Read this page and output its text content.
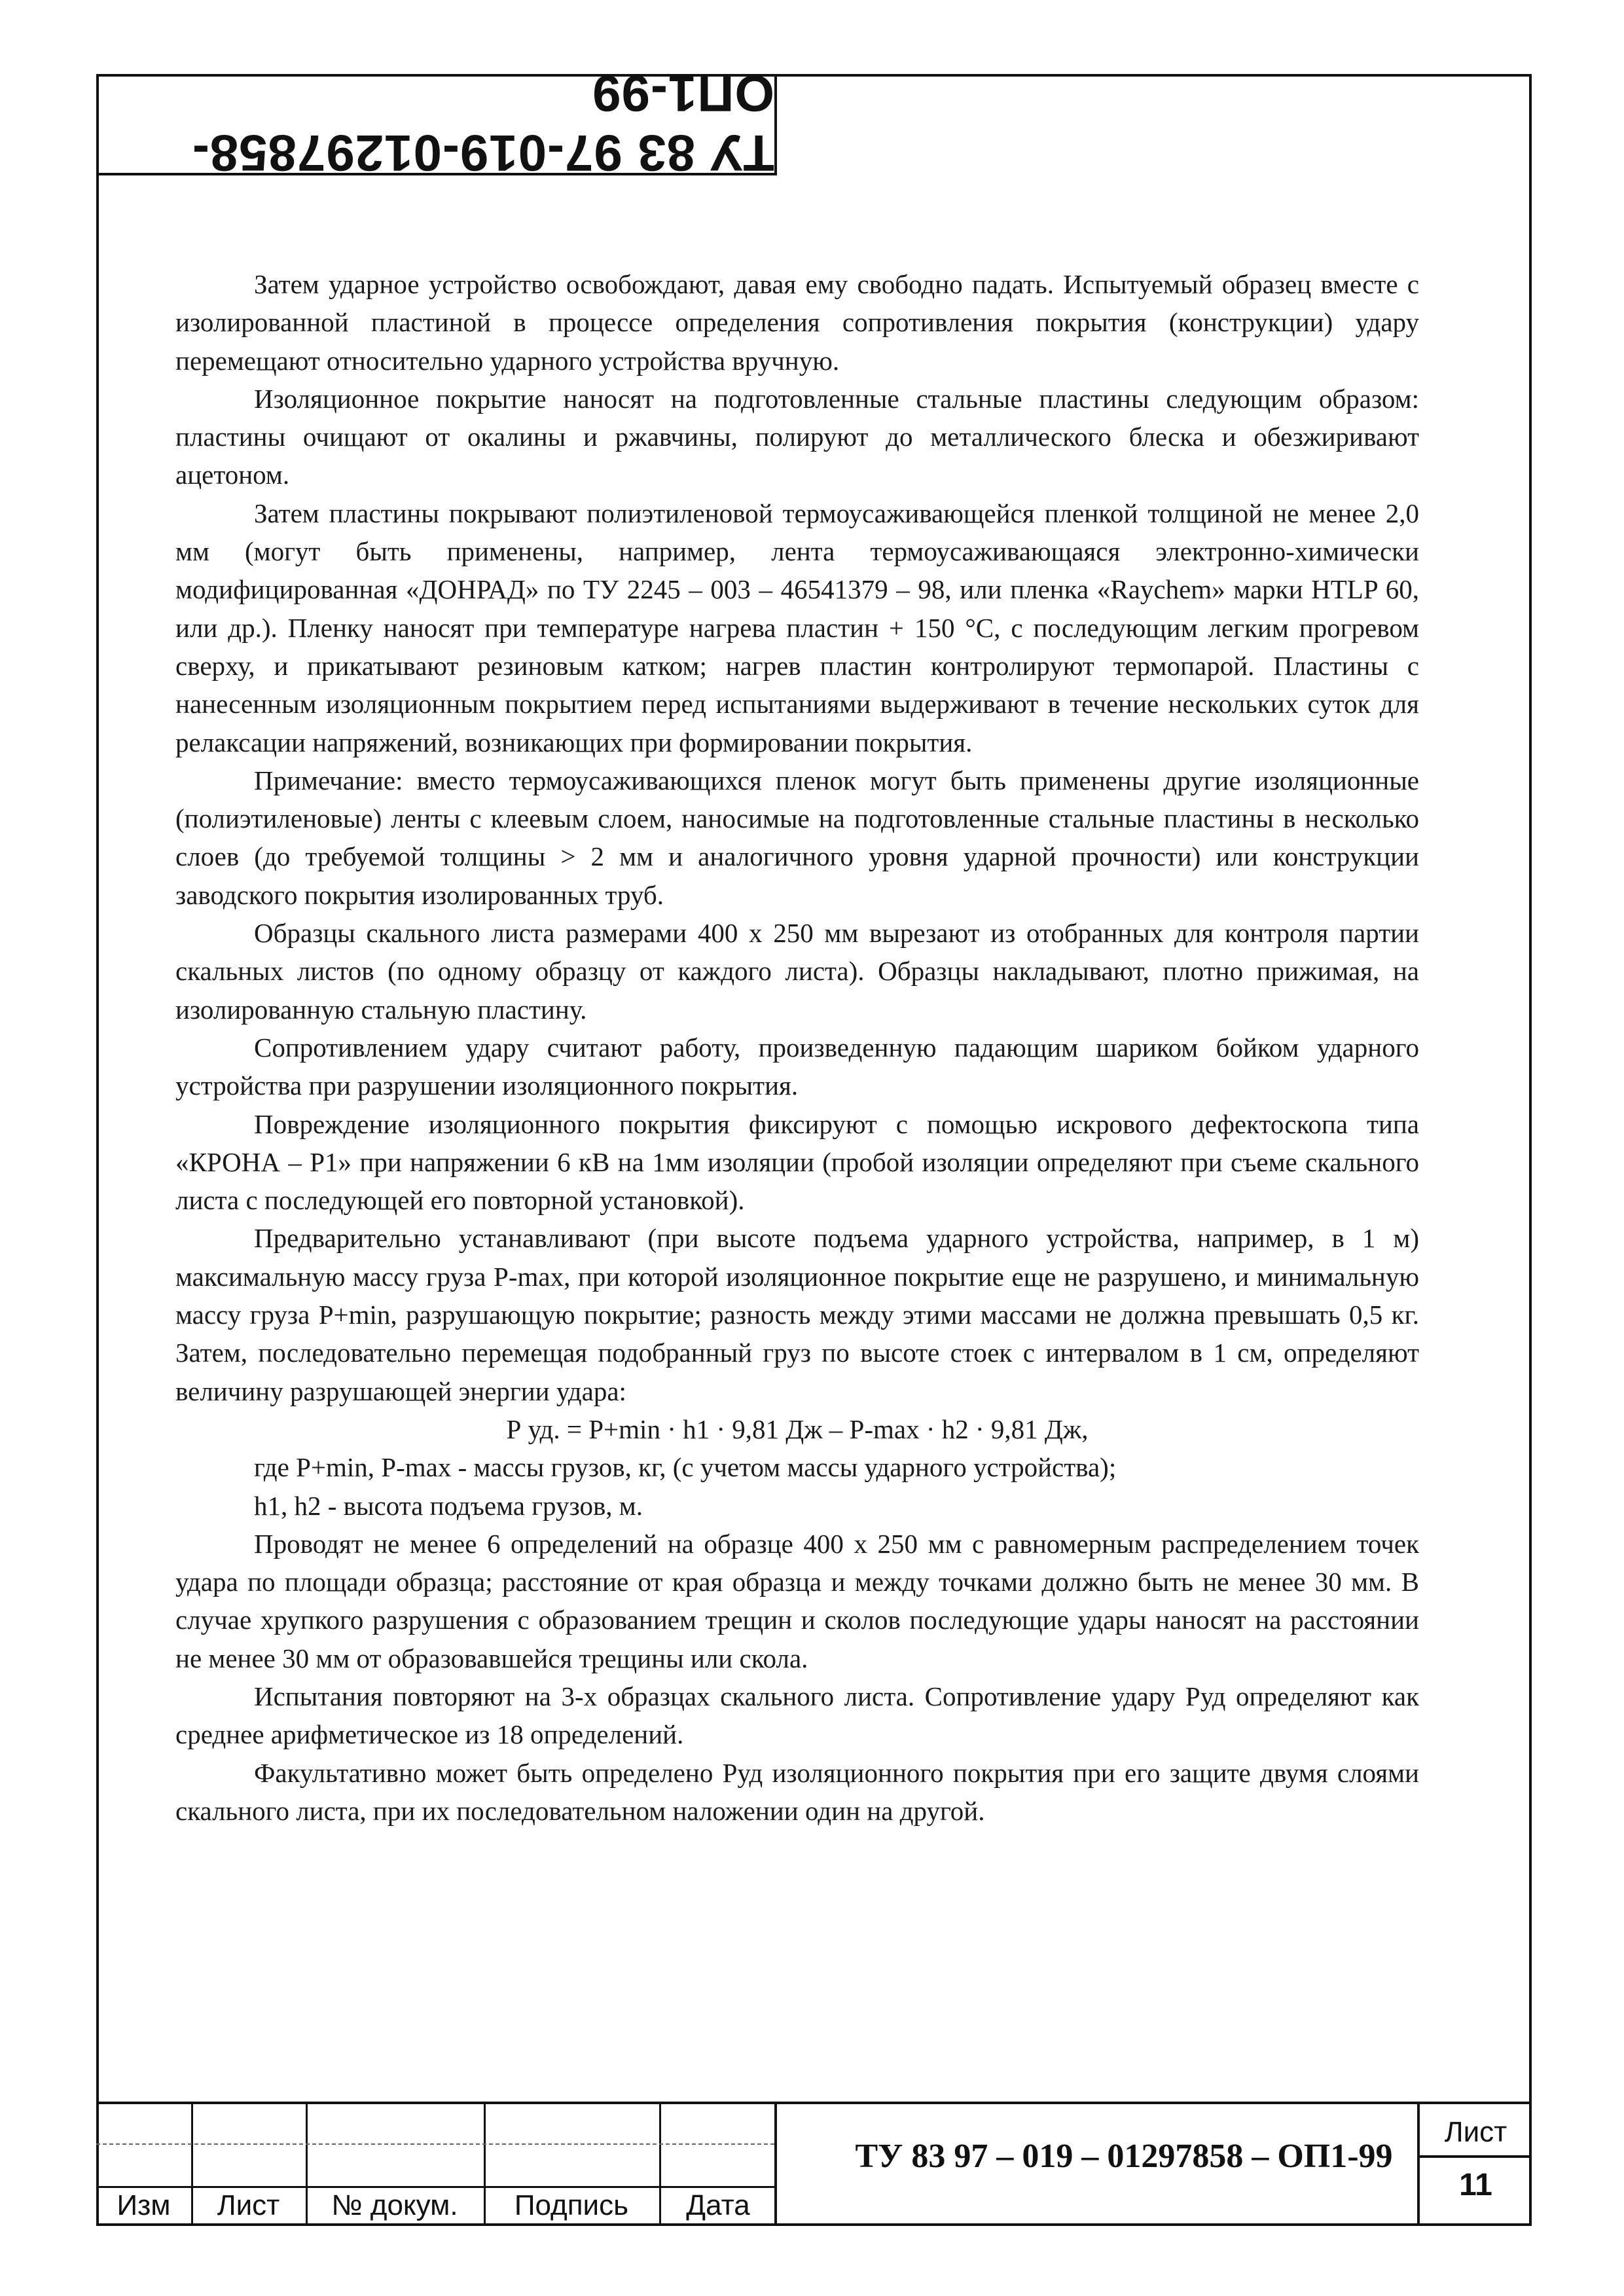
ТУ 83 97-019-01297858-ОП1-99

Затем ударное устройство освобождают, давая ему свободно падать. Испытуемый образец вместе с изолированной пластиной в процессе определения сопротивления покрытия (конструкции) удару перемещают относительно ударного устройства вручную.

Изоляционное покрытие наносят на подготовленные стальные пластины следующим образом: пластины очищают от окалины и ржавчины, полируют до металлического блеска и обезжиривают ацетоном.

Затем пластины покрывают полиэтиленовой термоусаживающейся пленкой толщиной не менее 2,0 мм (могут быть применены, например, лента термоусаживающаяся электронно-химически модифицированная «ДОНРАД» по ТУ 2245 – 003 – 46541379 – 98, или пленка «Raychem» марки HTLP 60, или др.). Пленку наносят при температуре нагрева пластин + 150 °С, с последующим легким прогревом сверху, и прикатывают резиновым катком; нагрев пластин контролируют термопарой. Пластины с нанесенным изоляционным покрытием перед испытаниями выдерживают в течение нескольких суток для релаксации напряжений, возникающих при формировании покрытия.

Примечание: вместо термоусаживающихся пленок могут быть применены другие изоляционные (полиэтиленовые) ленты с клеевым слоем, наносимые на подготовленные стальные пластины в несколько слоев (до требуемой толщины > 2 мм и аналогичного уровня ударной прочности) или конструкции заводского покрытия изолированных труб.

Образцы скального листа размерами 400 х 250 мм вырезают из отобранных для контроля партии скальных листов (по одному образцу от каждого листа). Образцы накладывают, плотно прижимая, на изолированную стальную пластину.

Сопротивлением удару считают работу, произведенную падающим шариком бойком ударного устройства при разрушении изоляционного покрытия.

Повреждение изоляционного покрытия фиксируют с помощью искрового дефектоскопа типа «КРОНА – Р1» при напряжении 6 кВ на 1мм изоляции (пробой изоляции определяют при съеме скального листа с последующей его повторной установкой).

Предварительно устанавливают (при высоте подъема ударного устройства, например, в 1 м) максимальную массу груза P-max, при которой изоляционное покрытие еще не разрушено, и минимальную массу груза P+min, разрушающую покрытие; разность между этими массами не должна превышать 0,5 кг. Затем, последовательно перемещая подобранный груз по высоте стоек с интервалом в 1 см, определяют величину разрушающей энергии удара:

Р уд. = P+min · h1 · 9,81 Дж – P-max · h2 · 9,81 Дж,

где P+min, P-max - массы грузов, кг, (с учетом массы ударного устройства);

h1, h2 - высота подъема грузов, м.

Проводят не менее 6 определений на образце 400 х 250 мм с равномерным распределением точек удара по площади образца; расстояние от края образца и между точками должно быть не менее 30 мм. В случае хрупкого разрушения с образованием трещин и сколов последующие удары наносят на расстоянии не менее 30 мм от образовавшейся трещины или скола.

Испытания повторяют на 3-х образцах скального листа. Сопротивление удару Руд определяют как среднее арифметическое из 18 определений.

Факультативно может быть определено Руд изоляционного покрытия при его защите двумя слоями скального листа, при их последовательном наложении один на другой.

Изм	Лист	№ докум.	Подпись	Дата
ТУ 83 97 – 019 – 01297858 – ОП1-99
Лист
11
